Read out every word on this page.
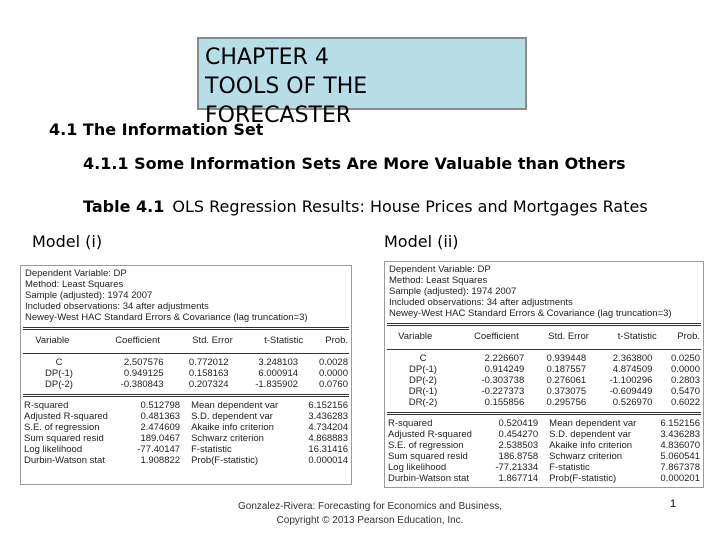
CHAPTER 4
TOOLS OF THE FORECASTER
4.1 The Information Set
4.1.1 Some Information Sets Are More Valuable than Others
Table 4.1 OLS Regression Results: House Prices and Mortgages Rates
Model (i)	Model (ii)
Dependent Variable: DP
Method: Least Squares
Sample (adjusted): 1974 2007
Included observations: 34 after adjustments
Newey-West HAC Standard Errors & Covariance (lag truncation=3)
Variable	Coefficient	Std. Error	t-Statistic	Prob.
C	2.507576	0.772012	3.248103	0.0028
DP(-1)	0.949125	0.158163	6.000914	0.0000
DP(-2)	-0.380843	0.207324	-1.835902	0.0760
R-squared	0.512798	Mean dependent var	6.152156
Adjusted R-squared	0.481363	S.D. dependent var	3.436283
S.E. of regression	2.474609	Akaike info criterion	4.734204
Sum squared resid	189.0467	Schwarz criterion	4.868883
Log likelihood	-77.40147	F-statistic	16.31416
Durbin-Watson stat	1.908822	Prob(F-statistic)	0.000014
Dependent Variable: DP
Method: Least Squares
Sample (adjusted): 1974 2007
Included observations: 34 after adjustments
Newey-West HAC Standard Errors & Covariance (lag truncation=3)
Variable	Coefficient	Std. Error	t-Statistic	Prob.
C	2.226607	0.939448	2.363800	0.0250
DP(-1)	0.914249	0.187557	4.874509	0.0000
DP(-2)	-0.303738	0.276061	-1.100296	0.2803
DR(-1)	-0.227373	0.373075	-0.609449	0.5470
DR(-2)	0.155856	0.295756	0.526970	0.6022
R-squared	0.520419	Mean dependent var	6.152156
Adjusted R-squared	0.454270	S.D. dependent var	3.436283
S.E. of regression	2.538503	Akaike info criterion	4.836070
Sum squared resid	186.8758	Schwarz criterion	5.060541
Log likelihood	-77.21334	F-statistic	7.867378
Durbin-Watson stat	1.867714	Prob(F-statistic)	0.000201
Gonzalez-Rivera: Forecasting for Economics and Business,
Copyright © 2013 Pearson Education, Inc.
1
